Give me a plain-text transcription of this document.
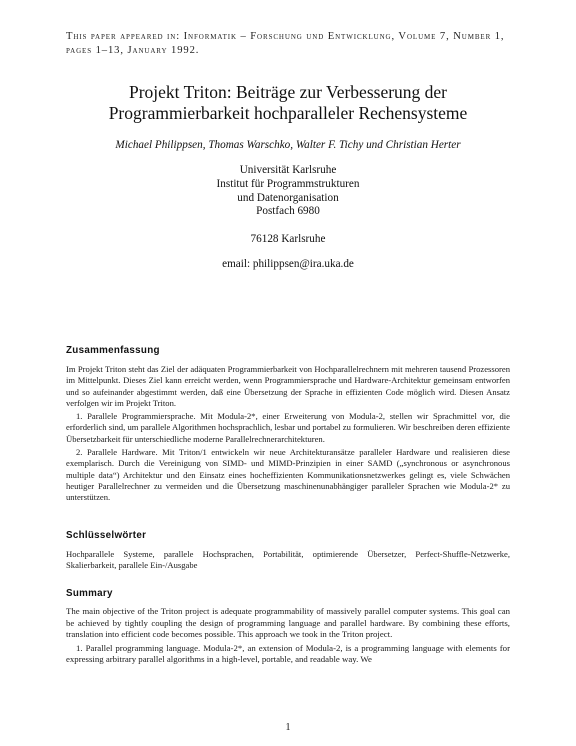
This paper appeared in: Informatik – Forschung und Entwicklung, Volume 7, Number 1, pages 1–13, January 1992.
Projekt Triton: Beiträge zur Verbesserung der
Programmierbarkeit hochparalleler Rechensysteme
Michael Philippsen, Thomas Warschko, Walter F. Tichy und Christian Herter
Universität Karlsruhe
Institut für Programmstrukturen
und Datenorganisation
Postfach 6980
76128 Karlsruhe
email: philippsen@ira.uka.de
Zusammenfassung

Im Projekt Triton steht das Ziel der adäquaten Programmierbarkeit von Hochparallelrechnern mit mehreren tausend Prozessoren im Mittelpunkt. Dieses Ziel kann erreicht werden, wenn Programmiersprache und Hardware-Architektur gemeinsam entworfen und so aufeinander abgestimmt werden, daß eine Übersetzung der Sprache in effizienten Code möglich wird. Diesen Ansatz verfolgen wir im Projekt Triton.

1. Parallele Programmiersprache. Mit Modula-2*, einer Erweiterung von Modula-2, stellen wir Sprachmittel vor, die erforderlich sind, um parallele Algorithmen hochsprachlich, lesbar und portabel zu formulieren. Wir beschreiben deren effiziente Übersetzbarkeit für unterschiedliche moderne Parallelrechnerarchitekturen.

2. Parallele Hardware. Mit Triton/1 entwickeln wir neue Architekturansätze paralleler Hardware und realisieren diese exemplarisch. Durch die Vereinigung von SIMD- und MIMD-Prinzipien in einer SAMD („synchronous or asynchronous multiple data“) Architektur und den Einsatz eines hocheffizienten Kommunikationsnetzwerkes gelingt es, viele Schwächen heutiger Parallelrechner zu vermeiden und die Übersetzung maschinenunabhängiger paralleler Sprachen wie Modula-2* zu unterstützen.

Schlüsselwörter

Hochparallele Systeme, parallele Hochsprachen, Portabilität, optimierende Übersetzer, Perfect-Shuffle-Netzwerke, Skalierbarkeit, parallele Ein-/Ausgabe

Summary

The main objective of the Triton project is adequate programmability of massively parallel computer systems. This goal can be achieved by tightly coupling the design of programming language and parallel hardware. By combining these efforts, translation into efficient code becomes possible. This approach we took in the Triton project.

1. Parallel programming language. Modula-2*, an extension of Modula-2, is a programming language with elements for expressing arbitrary parallel algorithms in a high-level, portable, and readable way. We

1
